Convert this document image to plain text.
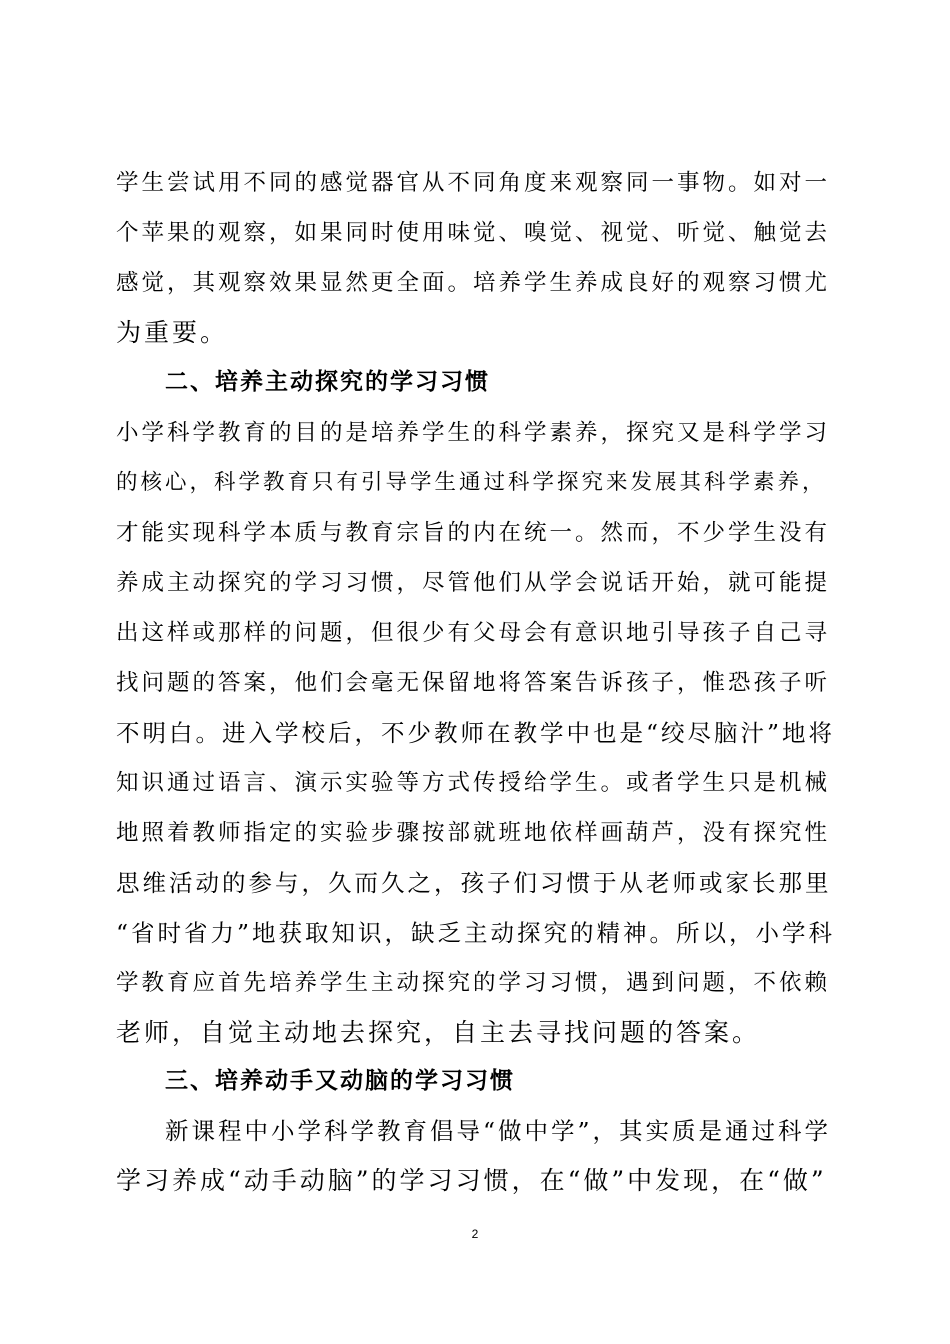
学生尝试用不同的感觉器官从不同角度来观察同一事物。如对一
个苹果的观察，如果同时使用味觉、嗅觉、视觉、听觉、触觉去
感觉，其观察效果显然更全面。培养学生养成良好的观察习惯尤
为重要。
二、培养主动探究的学习习惯
小学科学教育的目的是培养学生的科学素养，探究又是科学学习
的核心，科学教育只有引导学生通过科学探究来发展其科学素养，
才能实现科学本质与教育宗旨的内在统一。然而，不少学生没有
养成主动探究的学习习惯，尽管他们从学会说话开始，就可能提
出这样或那样的问题，但很少有父母会有意识地引导孩子自己寻
找问题的答案，他们会毫无保留地将答案告诉孩子，惟恐孩子听
不明白。进入学校后，不少教师在教学中也是“绞尽脑汁”地将
知识通过语言、演示实验等方式传授给学生。或者学生只是机械
地照着教师指定的实验步骤按部就班地依样画葫芦，没有探究性
思维活动的参与，久而久之，孩子们习惯于从老师或家长那里
“省时省力”地获取知识，缺乏主动探究的精神。所以，小学科
学教育应首先培养学生主动探究的学习习惯，遇到问题，不依赖
老师，自觉主动地去探究，自主去寻找问题的答案。
三、培养动手又动脑的学习习惯
新课程中小学科学教育倡导“做中学”，其实质是通过科学
学习养成“动手动脑”的学习习惯，在“做”中发现，在“做”
2
